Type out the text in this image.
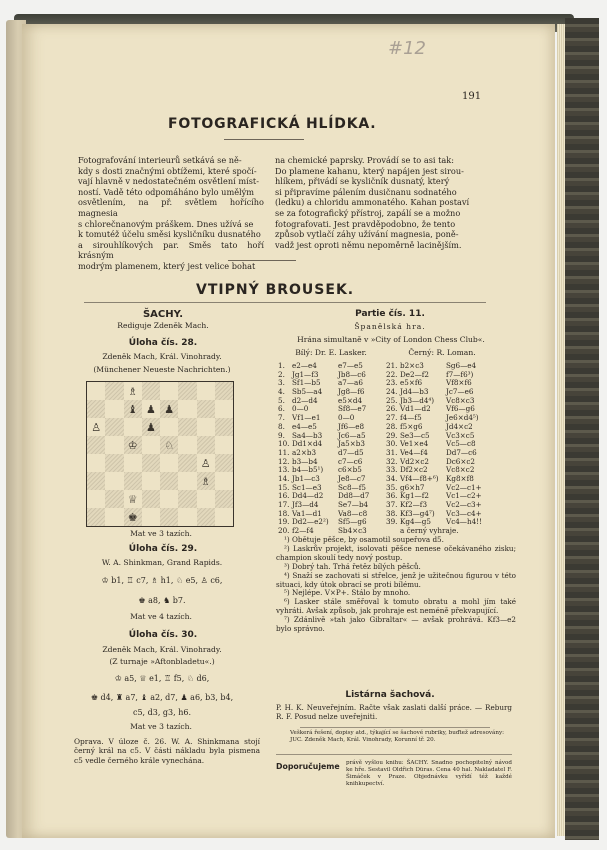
#12
191
FOTOGRAFICKÁ HLÍDKA.

Fotografování interieurů setkává se ně-

kdy s dosti značnými obtížemi, které spočí-

vají hlavně v nedostatečném osvětlení míst-

ností. Vadě této odpomáháno bylo umělým

osvětlením, na př. světlem hořícího magnesia

s chlorečnanovým práškem. Dnes užívá se

k tomutéž účelu směsi kysličníku dusnatého

a sirouhlíkových par. Směs tato hoří krásným

modrým plamenem, který jest velice bohat

na chemické paprsky. Provádí se to asi tak:

Do plamene kahanu, který napájen jest sirou-

hlíkem, přivádí se kysličník dusnatý, který

si připravíme pálením dusičnanu sodnatého

(ledku) a chloridu ammonatého. Kahan postaví

se za fotografický přístroj, zapálí se a možno

fotografovati. Jest pravděpodobno, že tento

způsob vytlačí záhy užívání magnesia, poně-

vadž jest oproti němu nepoměrně lacinějším.

VTIPNÝ BROUSEK.
ŠACHY.
Rediguje Zdeněk Mach.
Úloha čís. 28.
Zdeněk Mach, Král. Vinohrady.
(Münchener Neueste Nachrichten.)
♗
♝ ♟ ♟
♙	♟
♔ ♘
♙
♗
♕
♚
Mat ve 3 tazích.
Úloha čís. 29.
W. A. Shinkman, Grand Rapids.
♔ b1, ♖ c7, ♗ h1, ♘ e5, ♙ c6,
♚ a8, ♞ b7.
Mat ve 4 tazích.
Úloha čís. 30.
Zdeněk Mach, Král. Vinohrady.
(Z turnaje »Aftonbladetu«.)
♔ a5, ♕ e1, ♖ f5, ♘ d6,
♚ d4, ♜ a7, ♝ a2, d7, ♟ a6, b3, b4,
c5, d3, g3, h6.
Mat ve 3 tazích.
Oprava. V úloze č. 26. W. A. Shinkmana stojí černý král na c5. V části nákladu byla pismena c5 vedle černého krále vynechána.
Partie čís. 11.
Španělská hra.
Hrána simultaně v »City of London Chess Club«.
Bílý: Dr. E. Lasker.	Černý: R. Loman.
1. e2—e4	e7—e5
2. Jg1—f3	Jb8—c6
3. Sf1—b5 a7—a6
4. Sb5—a4 Jg8—f6
5. d2—d4	e5×d4
6. 0—0	Sf8—e7
7. Vf1—e1 0—0
8. e4—e5	Jf6—e8
9. Sa4—b3 Jc6—a5
10. Dd1×d4 Ja5×b3
11. a2×b3	d7—d5
12. b3—b4	c7—c6
13. b4—b5¹) c6×b5
14. Jb1—c3	Je8—c7
15. Sc1—e3 Sc8—f5
16. Dd4—d2 Dd8—d7
17. Jf3—d4	Se7—b4
18. Va1—d1 Va8—c8
19. Dd2—e2²) Sf5—g6
20. f2—f4	Sb4×c3
21. b2×c3	Sg6—e4
22. De2—f2 f7—f6³)
23. e5×f6	Vf8×f6
24. Jd4—b3 Jc7—e6
25. Jb3—d4⁴) Vc8×c3
26. Vd1—d2 Vf6—g6
27. f4—f5	Je6×d4⁵)
28. f5×g6	Jd4×c2
29. Se3—c5 Vc3×c5
30. Ve1×e4 Vc5—c8
31. Ve4—f4	Dd7—c6
32. Vd2×c2 Dc6×c2
33. Df2×c2	Vc8×c2
34. Vf4—f8+⁶) Kg8×f8
35. g6×h7	Vc2—c1+
36. Kg1—f2 Vc1—c2+
37. Kf2—f3	Vc2—c3+
38. Kf3—g4⁷) Vc3—c4+
39. Kg4—g5 Vc4—h4!!
a černý vyhraje.

¹) Obětuje pěšce, by osamotil soupeřova d5.

²) Laskrův projekt, isolovati pěšce nenese očekávaného zisku; champion skoulí tedy nový postup.

³) Dobrý tah. Trhá řetěz bílých pěšců.

⁴) Snaží se zachovati si střelce, jenž je užitečnou figurou v této situaci, kdy útok obrací se proti bílému.

⁵) Nejlépe. V×P+. Stálo by mnoho.

⁶) Lasker stále směřoval k tomuto obratu a mohl jím také vyhráti. Avšak způsob, jak prohraje est neméně překvapující.

⁷) Zdánlivě »tah jako Gibraltar« — avšak prohrává. Kf3—e2 bylo správno.

Listárna šachová.
P. H. K. Neuveřejním. Račte však zaslati další práce. — Reburg R. F. Posud nelze uveřejniti.
Veškerá řešení, dopisy atd., týkající se šachové rubriky, buďtež adresovány: JUC. Zdeněk Mach, Král. Vinohrady, Korunní tř. 20.
Doporučujeme	právě vyšlou knihu: ŠACHY. Snadno pochopitelný návod ke hře. Sestavil Oldřich Düras. Cena 40 hal. Nakladatel F. Šimáček v Praze. Objednávku vyřídí též každé knihkupectví.
